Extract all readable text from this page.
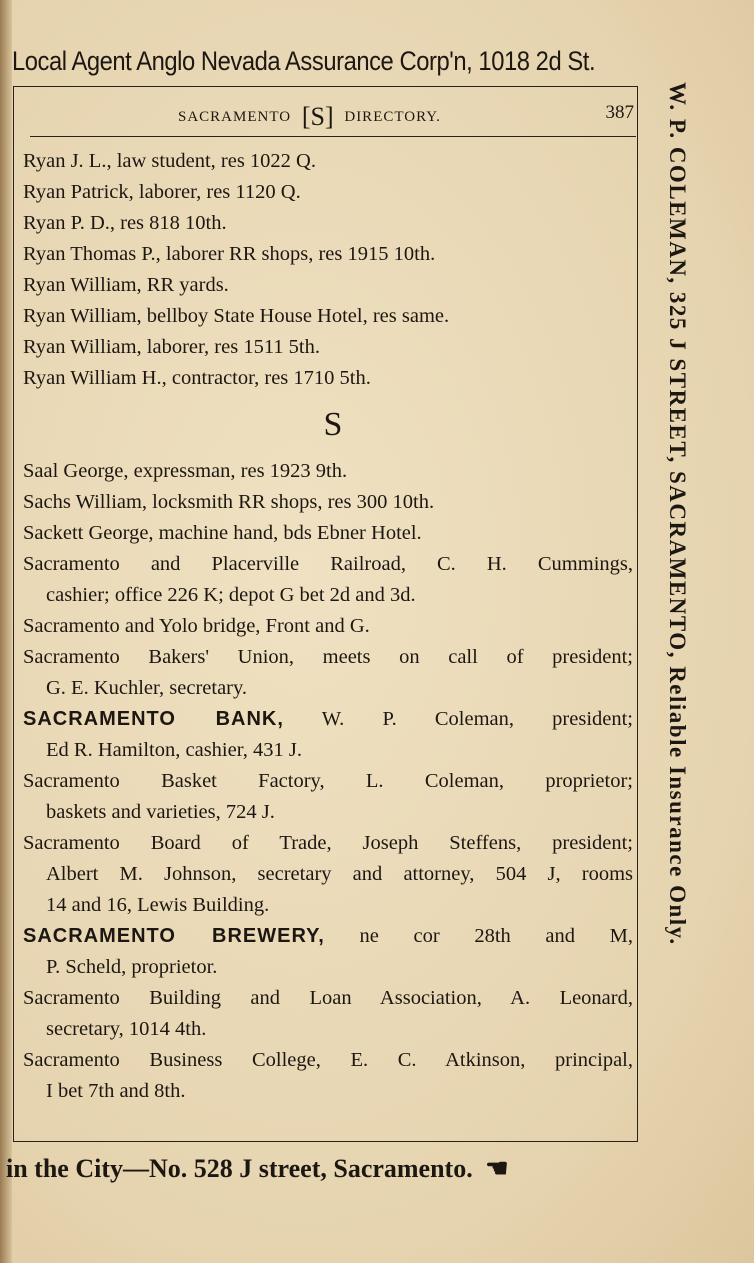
Local Agent Anglo Nevada Assurance Corp'n, 1018 2d St.
W. P. COLEMAN, 325 J STREET, SACRAMENTO, Reliable Insurance Only.
SACRAMENTO [S] DIRECTORY.	387
Ryan J. L., law student, res 1022 Q.
Ryan Patrick, laborer, res 1120 Q.
Ryan P. D., res 818 10th.
Ryan Thomas P., laborer RR shops, res 1915 10th.
Ryan William, RR yards.
Ryan William, bellboy State House Hotel, res same.
Ryan William, laborer, res 1511 5th.
Ryan William H., contractor, res 1710 5th.
S
Saal George, expressman, res 1923 9th.
Sachs William, locksmith RR shops, res 300 10th.
Sackett George, machine hand, bds Ebner Hotel.
Sacramento and Placerville Railroad, C. H. Cummings,
cashier; office 226 K; depot G bet 2d and 3d.
Sacramento and Yolo bridge, Front and G.
Sacramento Bakers' Union, meets on call of president;
G. E. Kuchler, secretary.
SACRAMENTO BANK, W. P. Coleman, president;
Ed R. Hamilton, cashier, 431 J.
Sacramento Basket Factory, L. Coleman, proprietor;
baskets and varieties, 724 J.
Sacramento Board of Trade, Joseph Steffens, president;
Albert M. Johnson, secretary and attorney, 504 J, rooms
14 and 16, Lewis Building.
SACRAMENTO BREWERY, ne cor 28th and M,
P. Scheld, proprietor.
Sacramento Building and Loan Association, A. Leonard,
secretary, 1014 4th.
Sacramento Business College, E. C. Atkinson, principal,
I bet 7th and 8th.
in the City—No. 528 J street, Sacramento. ☚
